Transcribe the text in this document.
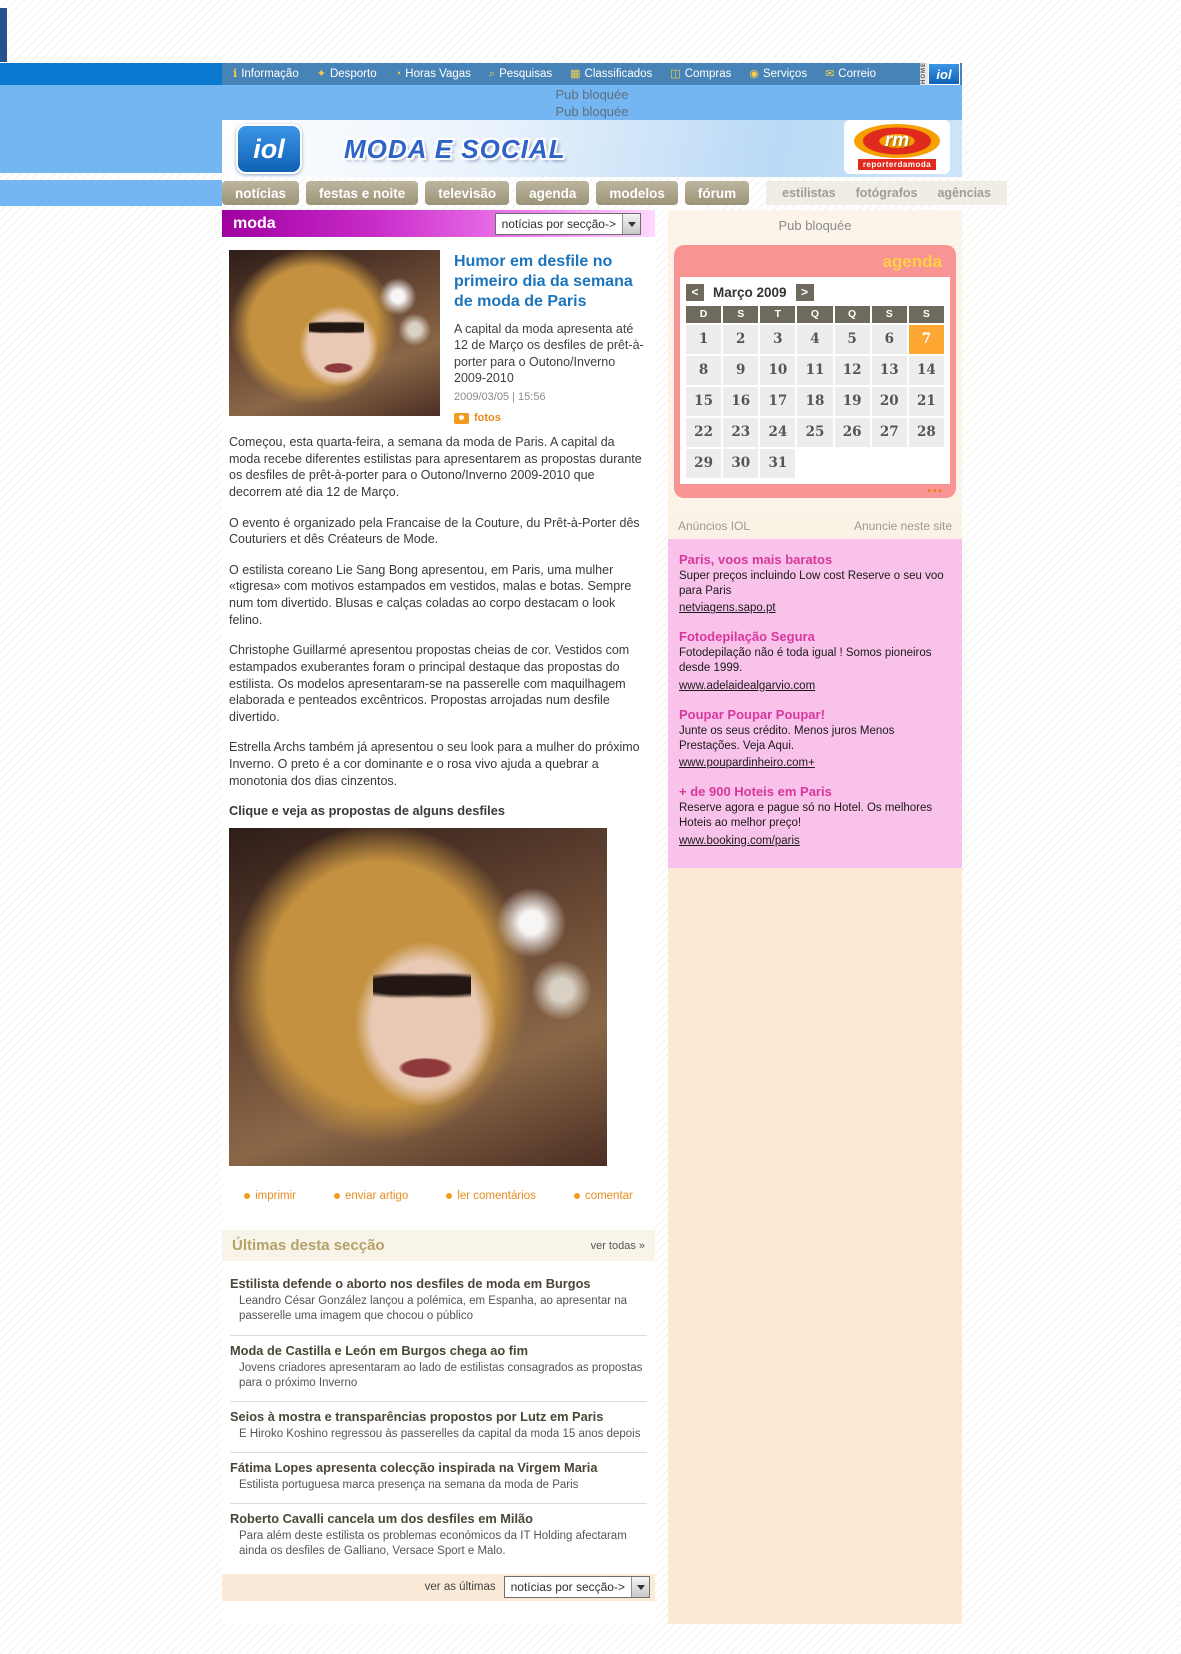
ℹ
Informação ✦	Desporto ◔ Horas Vagas ⌕ Pesquisas ▦	Classificados ◫	Compras ◉	Serviços ✉	Correio	HOME iol
Pub bloquée
Pub bloquée
iol	MODA E SOCIAL	rm
reporterdamoda
notícias	festas e noite	televisão	agenda	modelos	fórum	estilistas fotógrafos agências
moda	notícias por secção->
Humor em desfile no primeiro dia da semana de moda de Paris
A capital da moda apresenta até 12 de Março os desfiles de prêt-à-porter para o Outono/Inverno 2009-2010
2009/03/05 | 15:56
fotos

Começou, esta quarta-feira, a semana da moda de Paris. A capital da moda recebe diferentes estilistas para apresentarem as propostas durante os desfiles de prêt-à-porter para o Outono/Inverno 2009-2010 que decorrem até dia 12 de Março.

O evento é organizado pela Francaise de la Couture, du Prêt-à-Porter dês Couturiers et dês Créateurs de Mode.

O estilista coreano Lie Sang Bong apresentou, em Paris, uma mulher «tigresa» com motivos estampados em vestidos, malas e botas. Sempre num tom divertido. Blusas e calças coladas ao corpo destacam o look felino.

Christophe Guillarmé apresentou propostas cheias de cor. Vestidos com estampados exuberantes foram o principal destaque das propostas do estilista. Os modelos apresentaram-se na passerelle com maquilhagem elaborada e penteados excêntricos. Propostas arrojadas num desfile divertido.

Estrella Archs também já apresentou o seu look para a mulher do próximo Inverno. O preto é a cor dominante e o rosa vivo ajuda a quebrar a monotonia dos dias cinzentos.

Clique e veja as propostas de alguns desfiles
imprimir	enviar artigo	ler comentários	comentar
Últimas desta secção	ver todas »
Estilista defende o aborto nos desfiles de moda em Burgos
Leandro César González lançou a polémica, em Espanha, ao apresentar na passerelle uma imagem que chocou o público
Moda de Castilla e León em Burgos chega ao fim
Jovens criadores apresentaram ao lado de estilistas consagrados as propostas para o próximo Inverno
Seios à mostra e transparências propostos por Lutz em Paris
E Hiroko Koshino regressou às passerelles da capital da moda 15 anos depois
Fátima Lopes apresenta colecção inspirada na Virgem Maria
Estilista portuguesa marca presença na semana da moda de Paris
Roberto Cavalli cancela um dos desfiles em Milão
Para além deste estilista os problemas económicos da IT Holding afectaram ainda os desfiles de Galliano, Versace Sport e Malo.
ver as últimas	notícias por secção->
Pub bloquée
agenda
<	Março 2009	>
D	S	T	Q	Q	S	S
1	2	3	4	5	6	7
8	9	10	11	12	13	14
15	16	17	18	19	20	21
22	23	24	25	26	27	28
29	30	31
•••
Anúncios IOL	Anuncie neste site
Paris, voos mais baratos
Super preços incluindo Low cost Reserve o seu voo para Paris
netviagens.sapo.pt
Fotodepilação Segura
Fotodepilação não é toda igual ! Somos pioneiros desde 1999.
www.adelaidealgarvio.com
Poupar Poupar Poupar!
Junte os seus crédito. Menos juros Menos Prestações. Veja Aqui.
www.poupardinheiro.com+
+ de 900 Hoteis em Paris
Reserve agora e pague só no Hotel. Os melhores Hoteis ao melhor preço!
www.booking.com/paris
